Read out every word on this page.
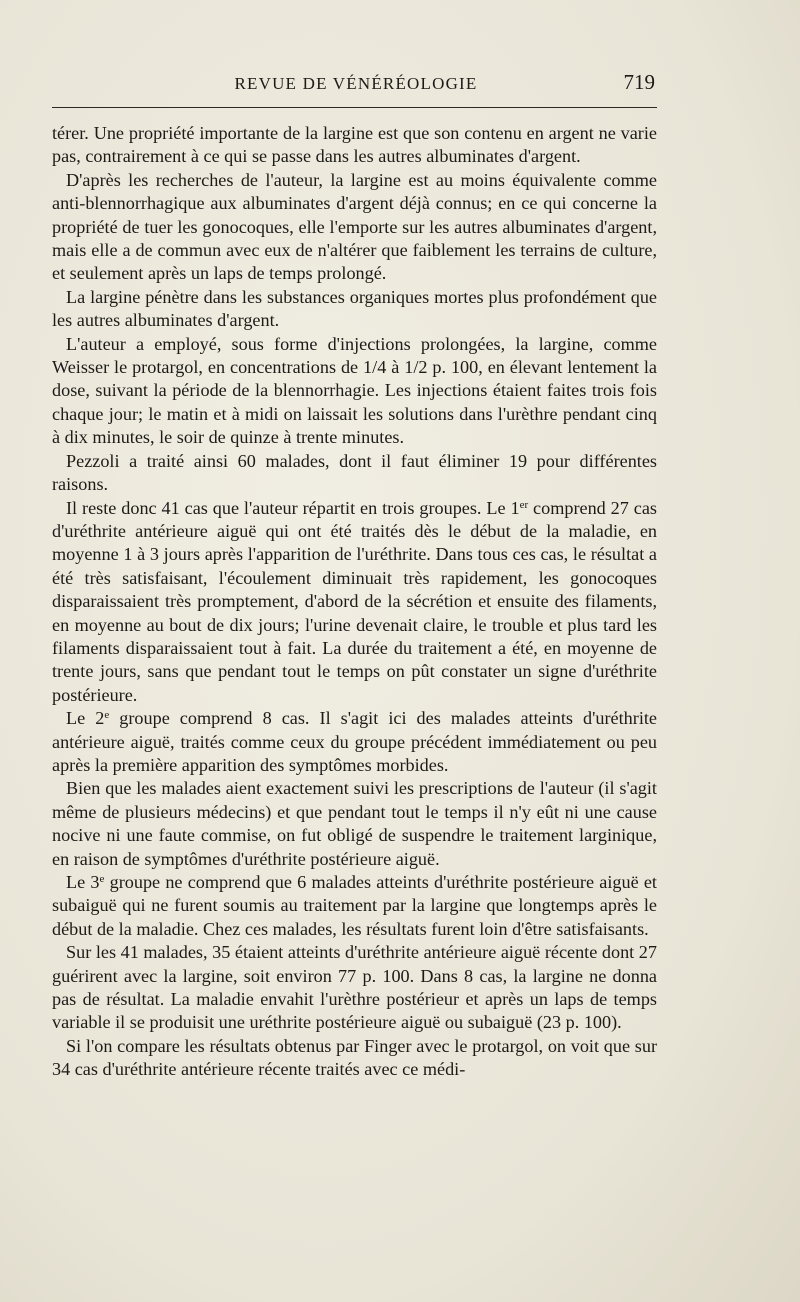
REVUE DE VÉNÉRÉOLOGIE	719

térer. Une propriété importante de la largine est que son contenu en argent ne varie pas, contrairement à ce qui se passe dans les autres albuminates d'argent.

D'après les recherches de l'auteur, la largine est au moins équivalente comme anti-blennorrhagique aux albuminates d'argent déjà connus; en ce qui concerne la propriété de tuer les gonocoques, elle l'emporte sur les autres albuminates d'argent, mais elle a de commun avec eux de n'altérer que faiblement les terrains de culture, et seulement après un laps de temps prolongé.

La largine pénètre dans les substances organiques mortes plus profondément que les autres albuminates d'argent.

L'auteur a employé, sous forme d'injections prolongées, la largine, comme Weisser le protargol, en concentrations de 1/4 à 1/2 p. 100, en élevant lentement la dose, suivant la période de la blennorrhagie. Les injections étaient faites trois fois chaque jour; le matin et à midi on laissait les solutions dans l'urèthre pendant cinq à dix minutes, le soir de quinze à trente minutes.

Pezzoli a traité ainsi 60 malades, dont il faut éliminer 19 pour différentes raisons.

Il reste donc 41 cas que l'auteur répartit en trois groupes. Le 1er comprend 27 cas d'uréthrite antérieure aiguë qui ont été traités dès le début de la maladie, en moyenne 1 à 3 jours après l'apparition de l'uréthrite. Dans tous ces cas, le résultat a été très satisfaisant, l'écoulement diminuait très rapidement, les gonocoques disparaissaient très promptement, d'abord de la sécrétion et ensuite des filaments, en moyenne au bout de dix jours; l'urine devenait claire, le trouble et plus tard les filaments disparaissaient tout à fait. La durée du traitement a été, en moyenne de trente jours, sans que pendant tout le temps on pût constater un signe d'uréthrite postérieure.

Le 2e groupe comprend 8 cas. Il s'agit ici des malades atteints d'uréthrite antérieure aiguë, traités comme ceux du groupe précédent immédiatement ou peu après la première apparition des symptômes morbides.

Bien que les malades aient exactement suivi les prescriptions de l'auteur (il s'agit même de plusieurs médecins) et que pendant tout le temps il n'y eût ni une cause nocive ni une faute commise, on fut obligé de suspendre le traitement larginique, en raison de symptômes d'uréthrite postérieure aiguë.

Le 3e groupe ne comprend que 6 malades atteints d'uréthrite postérieure aiguë et subaiguë qui ne furent soumis au traitement par la largine que longtemps après le début de la maladie. Chez ces malades, les résultats furent loin d'être satisfaisants.

Sur les 41 malades, 35 étaient atteints d'uréthrite antérieure aiguë récente dont 27 guérirent avec la largine, soit environ 77 p. 100. Dans 8 cas, la largine ne donna pas de résultat. La maladie envahit l'urèthre postérieur et après un laps de temps variable il se produisit une uréthrite postérieure aiguë ou subaiguë (23 p. 100).

Si l'on compare les résultats obtenus par Finger avec le protargol, on voit que sur 34 cas d'uréthrite antérieure récente traités avec ce médi-
